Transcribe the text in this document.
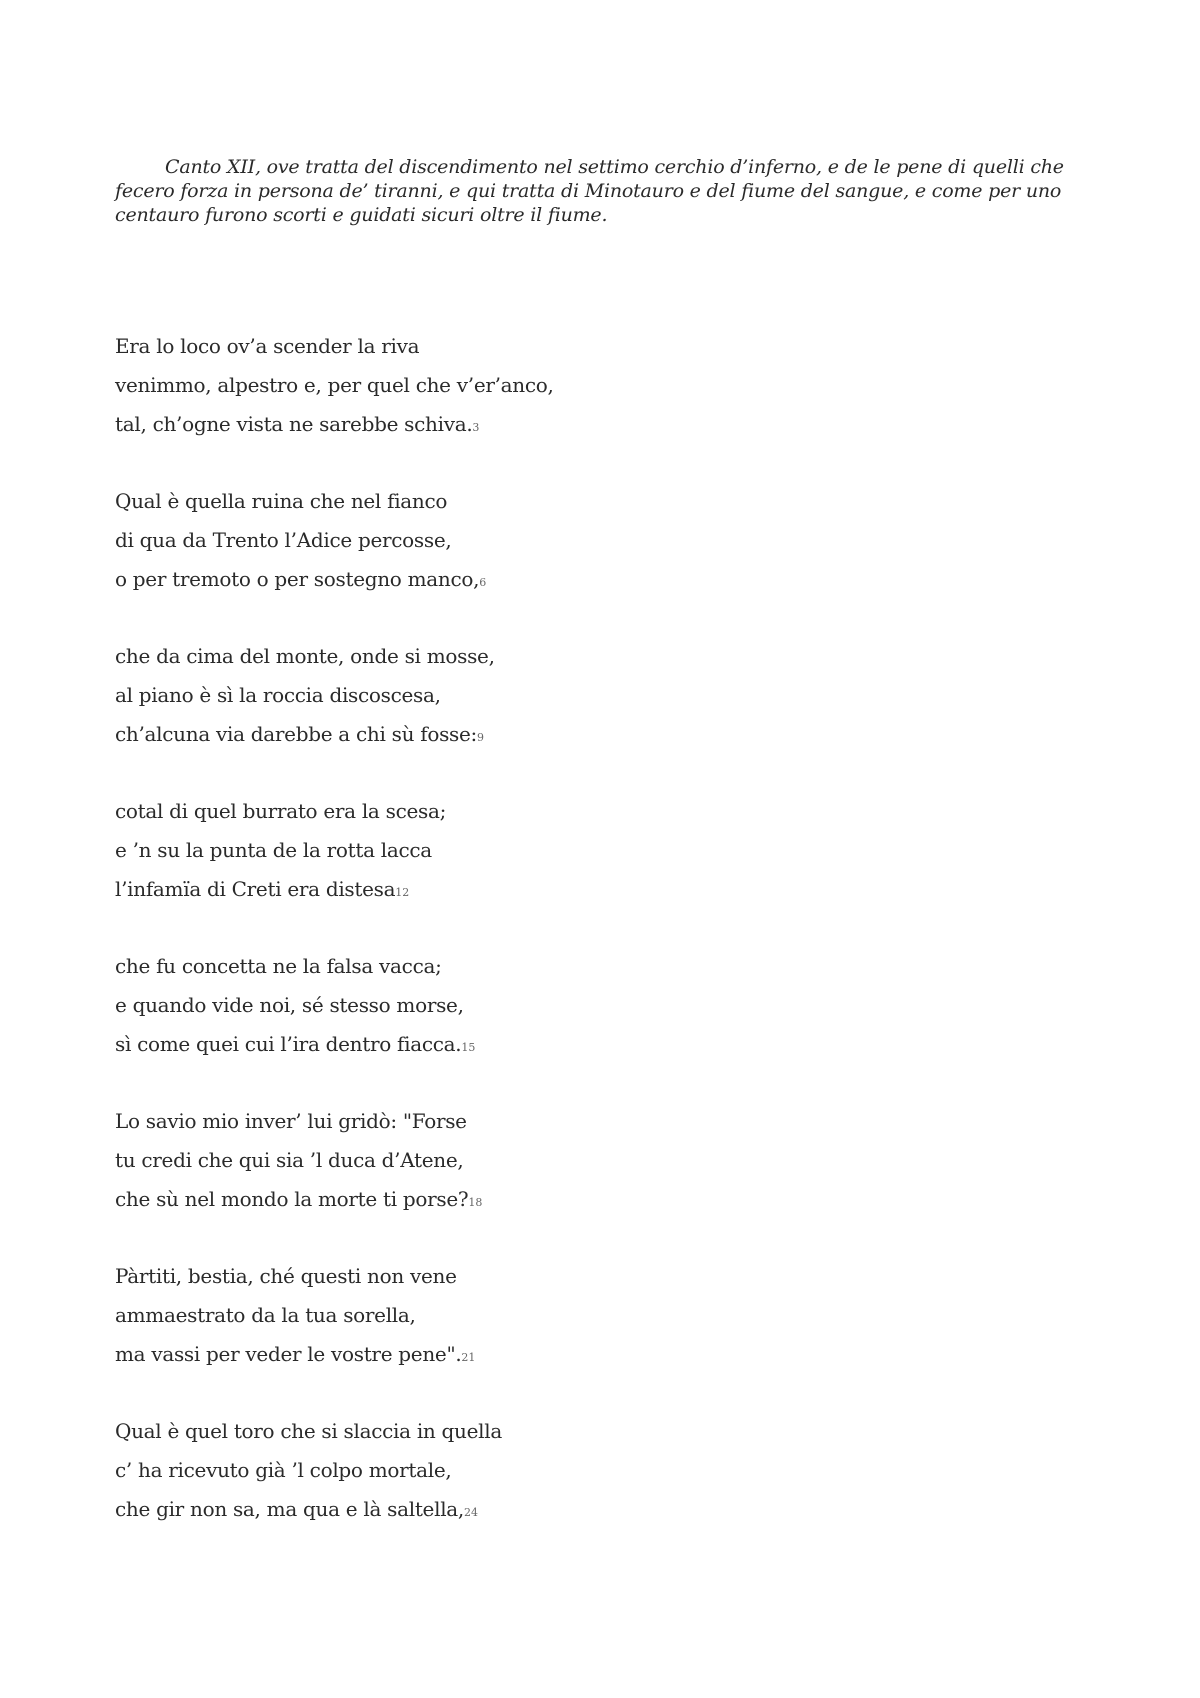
Canto XII, ove tratta del discendimento nel settimo cerchio d’inferno, e de le pene di quelli che fecero forza in persona de’ tiranni, e qui tratta di Minotauro e del fiume del sangue, e come per uno centauro furono scorti e guidati sicuri oltre il fiume.

Era lo loco ov’a scender la riva
venimmo, alpestro e, per quel che v’er’anco,
tal, ch’ogne vista ne sarebbe schiva.3
Qual è quella ruina che nel fianco
di qua da Trento l’Adice percosse,
o per tremoto o per sostegno manco,6
che da cima del monte, onde si mosse,
al piano è sì la roccia discoscesa,
ch’alcuna via darebbe a chi sù fosse:9
cotal di quel burrato era la scesa;
e ’n su la punta de la rotta lacca
l’infamïa di Creti era distesa12
che fu concetta ne la falsa vacca;
e quando vide noi, sé stesso morse,
sì come quei cui l’ira dentro fiacca.15
Lo savio mio inver’ lui gridò: "Forse
tu credi che qui sia ’l duca d’Atene,
che sù nel mondo la morte ti porse?18
Pàrtiti, bestia, ché questi non vene
ammaestrato da la tua sorella,
ma vassi per veder le vostre pene".21
Qual è quel toro che si slaccia in quella
c’ ha ricevuto già ’l colpo mortale,
che gir non sa, ma qua e là saltella,24
